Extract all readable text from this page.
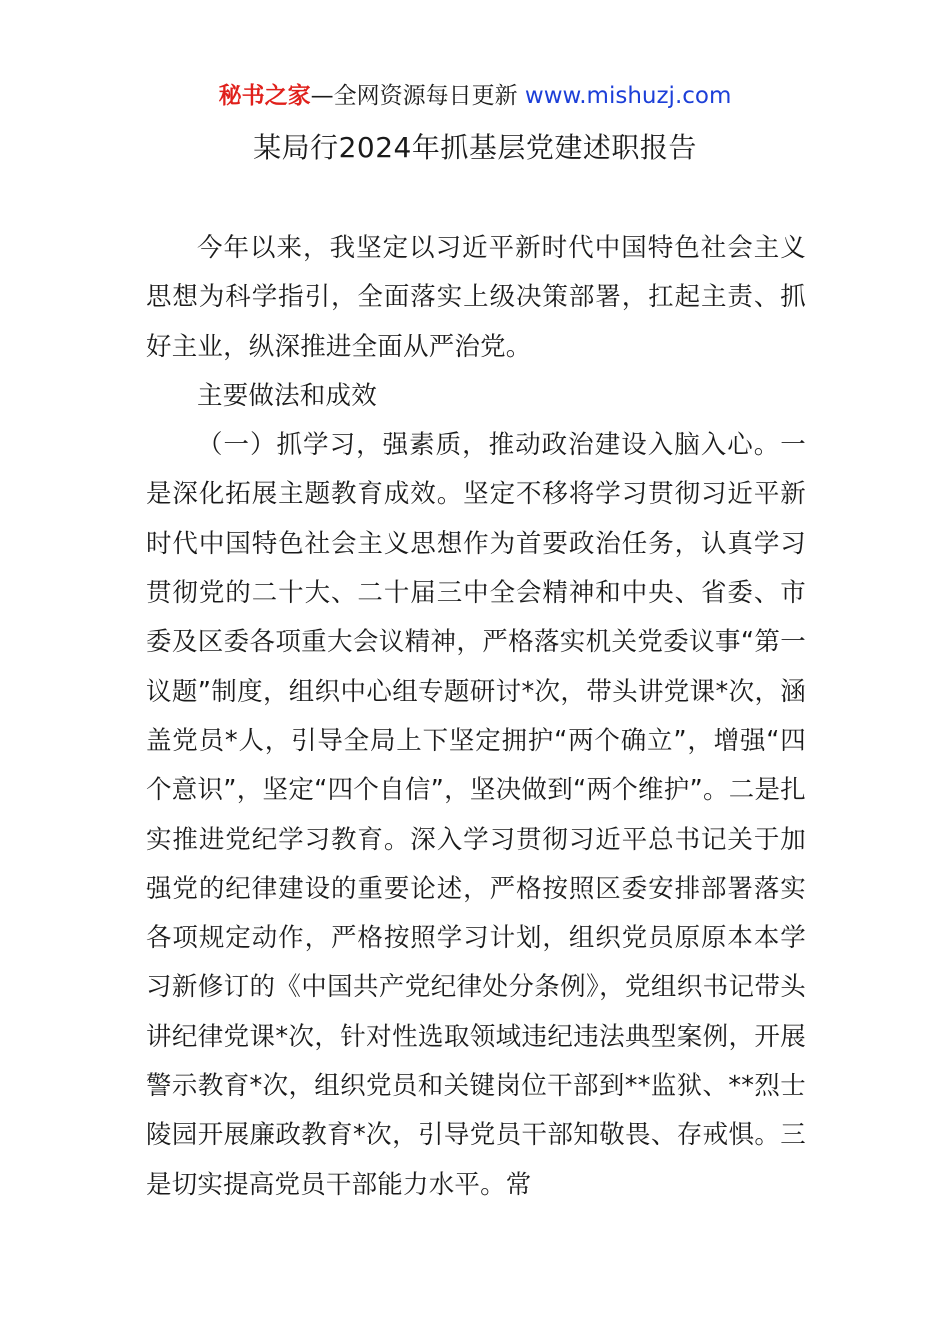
秘书之家—全网资源每日更新 www.mishuzj.com
某局行2024年抓基层党建述职报告

今年以来，我坚定以习近平新时代中国特色社会主义思想为科学指引，全面落实上级决策部署，扛起主责、抓好主业，纵深推进全面从严治党。

主要做法和成效

（一）抓学习，强素质，推动政治建设入脑入心。一是深化拓展主题教育成效。坚定不移将学习贯彻习近平新时代中国特色社会主义思想作为首要政治任务，认真学习贯彻党的二十大、二十届三中全会精神和中央、省委、市委及区委各项重大会议精神，严格落实机关党委议事“第一议题”制度，组织中心组专题研讨*次，带头讲党课*次，涵盖党员*人，引导全局上下坚定拥护“两个确立”，增强“四个意识”，坚定“四个自信”，坚决做到“两个维护”。二是扎实推进党纪学习教育。深入学习贯彻习近平总书记关于加强党的纪律建设的重要论述，严格按照区委安排部署落实各项规定动作，严格按照学习计划，组织党员原原本本学习新修订的《中国共产党纪律处分条例》，党组织书记带头讲纪律党课*次，针对性选取领域违纪违法典型案例，开展警示教育*次，组织党员和关键岗位干部到**监狱、**烈士陵园开展廉政教育*次，引导党员干部知敬畏、存戒惧。三是切实提高党员干部能力水平。常
